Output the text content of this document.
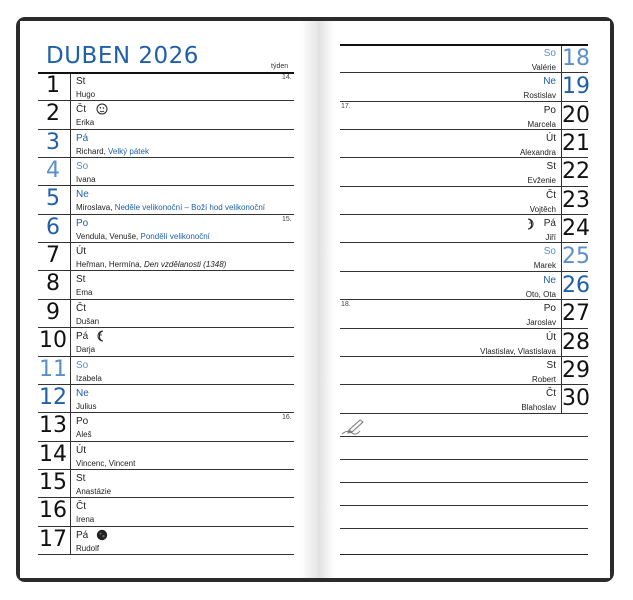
DUBEN 2026	týden
1 St
Hugo
14.
2 Čt
Erika
3 Pá
Richard, Velký pátek
4 So
Ivana
5 Ne
Miroslava, Neděle velikonoční – Boží hod velikonoční
6 Po
Vendula, Venuše, Pondělí velikonoční
15.
7 Út
Heřman, Hermína, Den vzdělanosti (1348)
8 St
Ema
9 Čt
Dušan
10 Pá
Darja
11 So
Izabela
12 Ne
Julius
13 Po
Aleš
16.
14 Út
Vincenc, Vincent
15 St
Anastázie
16 Čt
Irena
17 Pá
Rudolf
18
So
Valérie
19
Ne
Rostislav
20
Po
Marcela
17.
21
Út
Alexandra
22
St
Evženie
23
Čt
Vojtěch
24
Pá
Jiří
25
So
Marek
26
Ne
Oto, Ota
27
Po
Jaroslav
18.
28
Út
Vlastislav, Vlastislava
29
St
Robert
30
Čt
Blahoslav
